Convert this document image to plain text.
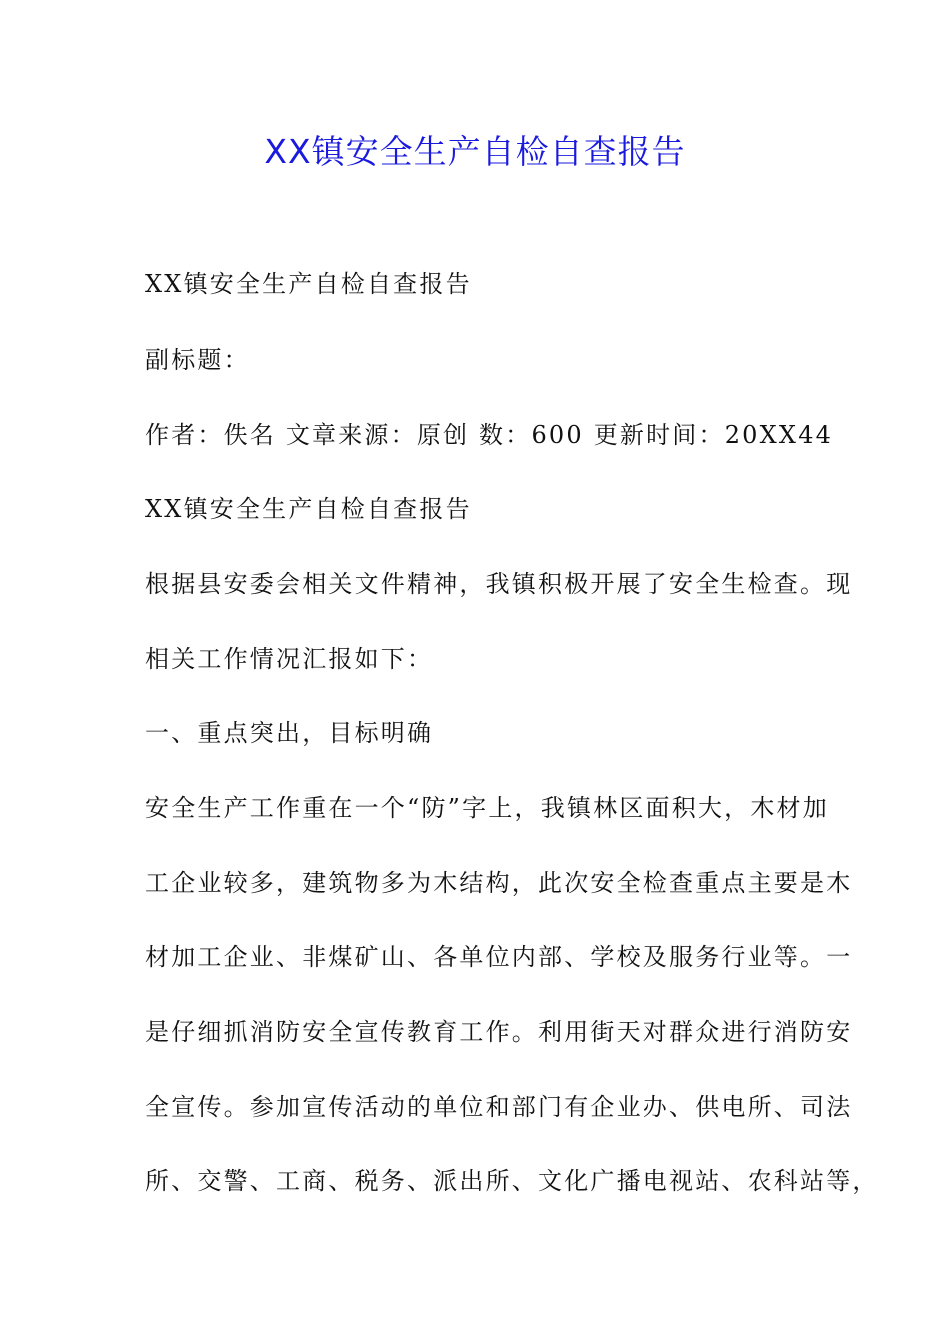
XX镇安全生产自检自查报告
XX镇安全生产自检自查报告
副标题：
作者：佚名 文章来源：原创 数：600 更新时间：20XX44
XX镇安全生产自检自查报告
根据县安委会相关文件精神，我镇积极开展了安全生检查。现
相关工作情况汇报如下：
一、重点突出，目标明确
安全生产工作重在一个“防”字上，我镇林区面积大，木材加
工企业较多，建筑物多为木结构，此次安全检查重点主要是木
材加工企业、非煤矿山、各单位内部、学校及服务行业等。一
是仔细抓消防安全宣传教育工作。利用街天对群众进行消防安
全宣传。参加宣传活动的单位和部门有企业办、供电所、司法
所、交警、工商、税务、派出所、文化广播电视站、农科站等，
